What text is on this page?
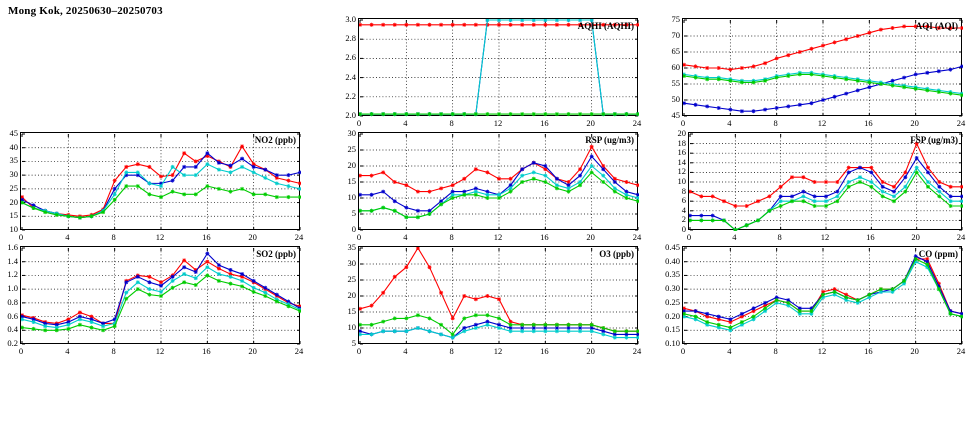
Mong Kok, 20250630–20250703
AQHI (AQHI)
0	4	8	12	16	20	24
2.0
2.2
2.4
2.6
2.8
3.0
AQI (AQI)
0	4	8	12	16	20	24
45
50
55
60
65
70
75
NO2 (ppb)
0	4	8	12	16	20	24
10
15
20
25
30
35
40
45
RSP (ug/m3)
0	4	8	12	16	20	24
0
5
10
15
20
25
30
FSP (ug/m3)
0	4	8	12	16	20	24
0
2
4
6
8
10
12
14
16
18
20
SO2 (ppb)
0	4	8	12	16	20	24
0.2
0.4
0.6
0.8
1.0
1.2
1.4
1.6
O3 (ppb)
0	4	8	12	16	20	24
5
10
15
20
25
30
35
CO (ppm)
0	4	8	12	16	20	24
0.10
0.15
0.20
0.25
0.30
0.35
0.40
0.45
